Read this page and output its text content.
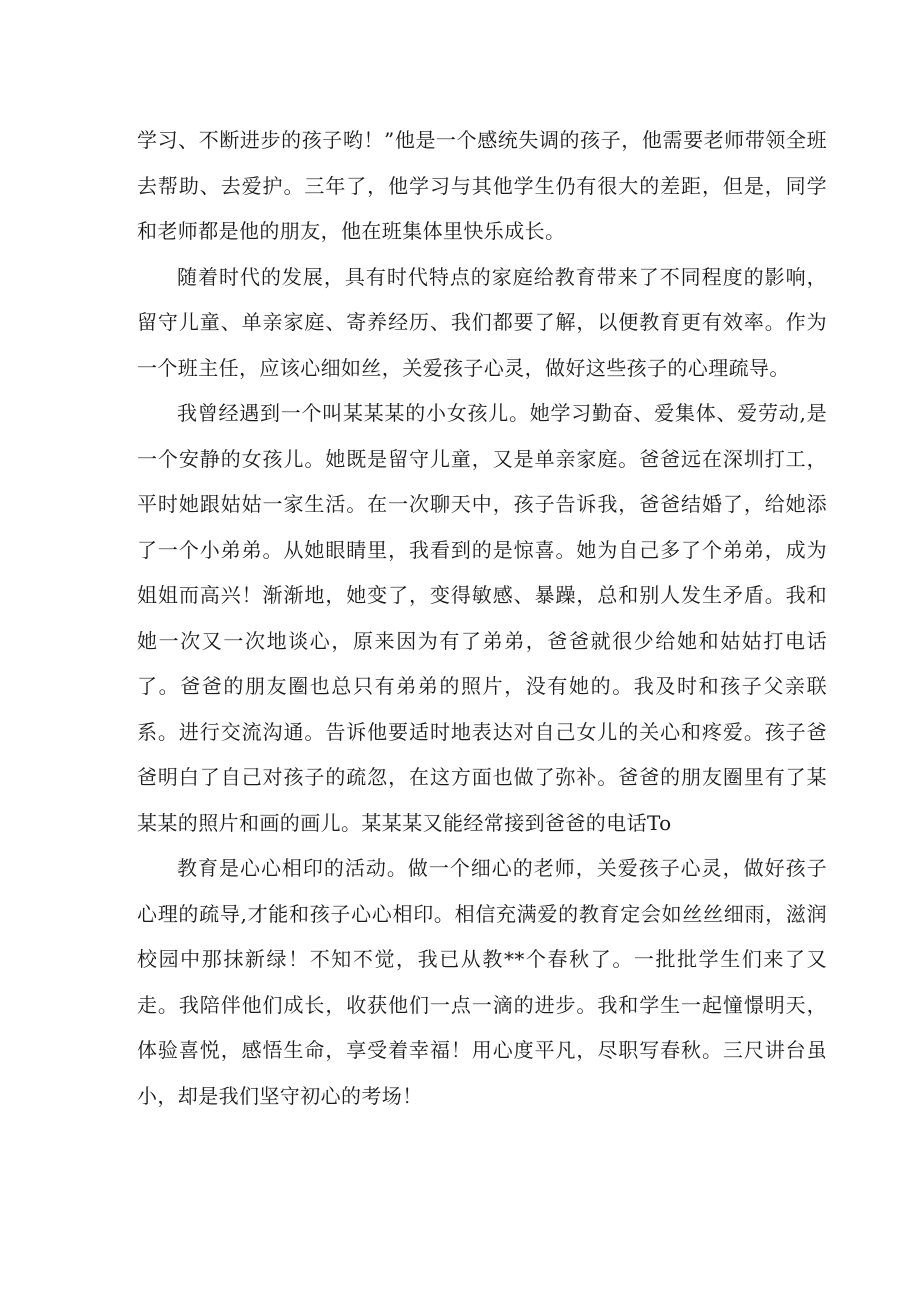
学习、不断进步的孩子哟！”他是一个感统失调的孩子，他需要老师带领全班去帮助、去爱护。三年了，他学习与其他学生仍有很大的差距，但是，同学和老师都是他的朋友，他在班集体里快乐成长。

随着时代的发展，具有时代特点的家庭给教育带来了不同程度的影响，留守儿童、单亲家庭、寄养经历、我们都要了解，以便教育更有效率。作为一个班主任，应该心细如丝，关爱孩子心灵，做好这些孩子的心理疏导。

我曾经遇到一个叫某某某的小女孩儿。她学习勤奋、爱集体、爱劳动,是一个安静的女孩儿。她既是留守儿童，又是单亲家庭。爸爸远在深圳打工，平时她跟姑姑一家生活。在一次聊天中，孩子告诉我，爸爸结婚了，给她添了一个小弟弟。从她眼睛里，我看到的是惊喜。她为自己多了个弟弟，成为姐姐而高兴！渐渐地，她变了，变得敏感、暴躁，总和别人发生矛盾。我和她一次又一次地谈心，原来因为有了弟弟，爸爸就很少给她和姑姑打电话了。爸爸的朋友圈也总只有弟弟的照片，没有她的。我及时和孩子父亲联系。进行交流沟通。告诉他要适时地表达对自己女儿的关心和疼爱。孩子爸爸明白了自己对孩子的疏忽，在这方面也做了弥补。爸爸的朋友圈里有了某某某的照片和画的画儿。某某某又能经常接到爸爸的电话To

教育是心心相印的活动。做一个细心的老师，关爱孩子心灵，做好孩子心理的疏导,才能和孩子心心相印。相信充满爱的教育定会如丝丝细雨，滋润校园中那抹新绿！不知不觉，我已从教**个春秋了。一批批学生们来了又走。我陪伴他们成长，收获他们一点一滴的进步。我和学生一起憧憬明天，体验喜悦，感悟生命，享受着幸福！用心度平凡，尽职写春秋。三尺讲台虽小，却是我们坚守初心的考场！
